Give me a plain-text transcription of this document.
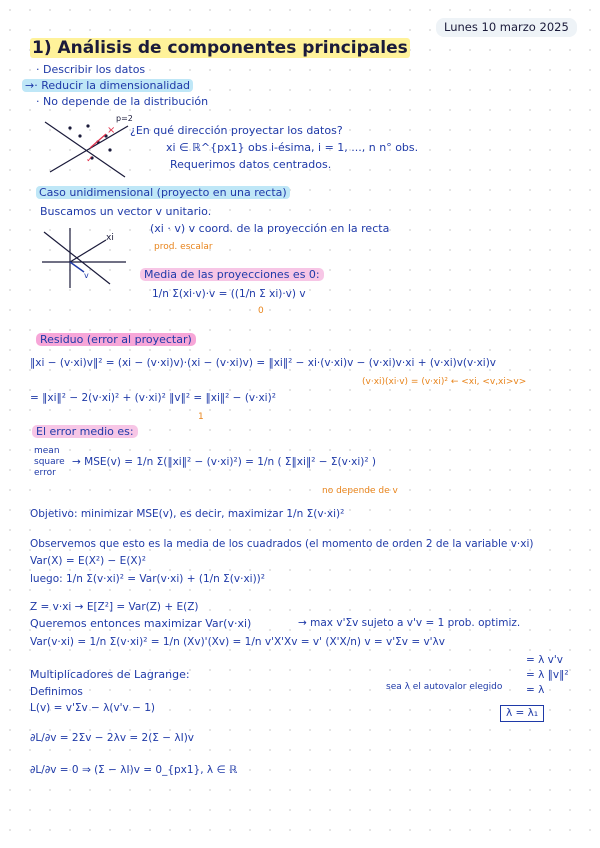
Lunes 10 marzo 2025
1) Análisis de componentes principales
· Describir los datos
→· Reducir la dimensionalidad
· No depende de la distribución
×
✓
p=2
¿En qué dirección proyectar los datos?
xi ∈ ℝ^{px1} obs i-ésima, i = 1, ..., n n° obs.
Requerimos datos centrados.
Caso unidimensional (proyecto en una recta)
Buscamos un vector v unitario.
xi
v
(xi · v) v coord. de la proyección en la recta
prod. escalar
Media de las proyecciones es 0:
1/n Σ(xi·v)·v = ((1/n Σ xi)·v) v
0
Residuo (error al proyectar)
‖xi − (v·xi)v‖² = (xi − (v·xi)v)·(xi − (v·xi)v) = ‖xi‖² − xi·(v·xi)v − (v·xi)v·xi + (v·xi)v(v·xi)v
(v·xi)(xi·v) = (v·xi)² ← <xi, <v,xi>v>
= ‖xi‖² − 2(v·xi)² + (v·xi)² ‖v‖² = ‖xi‖² − (v·xi)²
1
El error medio es:
mean square error
→ MSE(v) = 1/n Σ(‖xi‖² − (v·xi)²) = 1/n ( Σ‖xi‖² − Σ(v·xi)² )
no depende de v
Objetivo: minimizar MSE(v), es decir, maximizar 1/n Σ(v·xi)²
Observemos que esto es la media de los cuadrados (el momento de orden 2 de la variable v·xi)
Var(X) = E(X²) − E(X)²
luego: 1/n Σ(v·xi)² = Var(v·xi) + (1/n Σ(v·xi))²
Z = v·xi → E[Z²] = Var(Z) + E(Z)
Queremos entonces maximizar Var(v·xi)	→ max v'Σv sujeto a v'v = 1 prob. optimiz.
Var(v·xi) = 1/n Σ(v·xi)² = 1/n (Xv)'(Xv) = 1/n v'X'Xv = v' (X'X/n) v = v'Σv = v'λv
= λ v'v
= λ ‖v‖²
Multiplicadores de Lagrange:
Definimos
L(v) = v'Σv − λ(v'v − 1)
sea λ el autovalor elegido = λ
λ = λ₁
∂L/∂v = 2Σv − 2λv = 2(Σ − λI)v
∂L/∂v = 0 ⇒ (Σ − λI)v = 0_{px1}, λ ∈ ℝ
